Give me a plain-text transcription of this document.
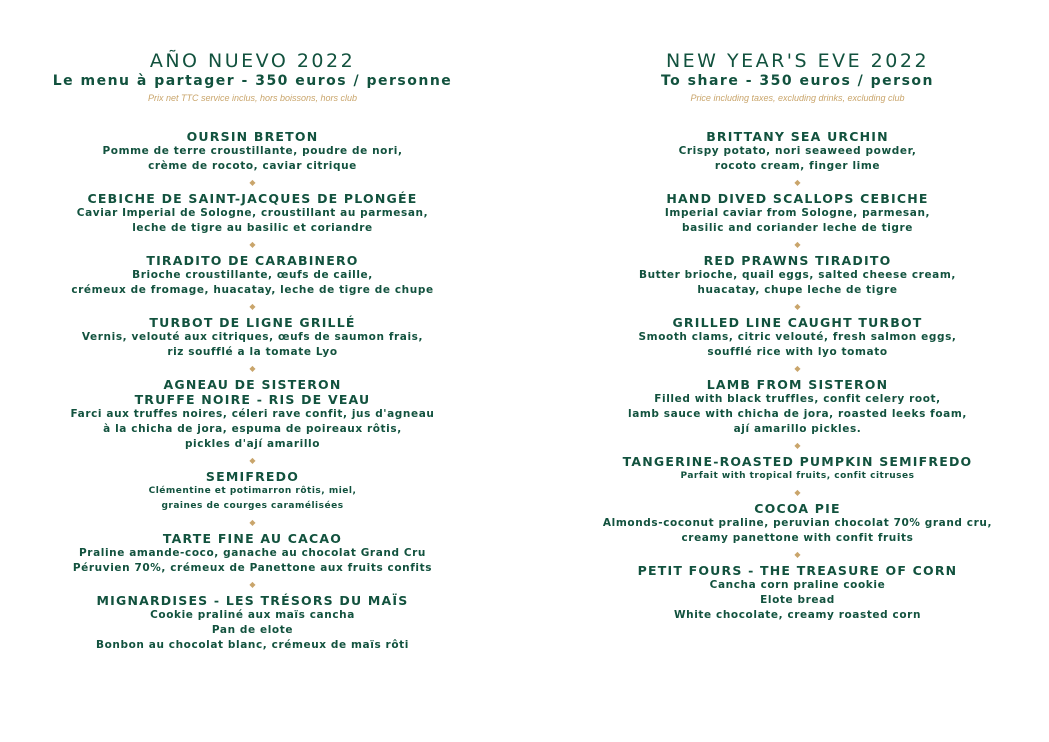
AÑO NUEVO 2022
Le menu à partager - 350 euros / personne
Prix net TTC service inclus, hors boissons, hors club
OURSIN BRETON
Pomme de terre croustillante, poudre de nori,
crème de rocoto, caviar citrique
◆
CEBICHE DE SAINT-JACQUES DE PLONGÉE
Caviar Imperial de Sologne, croustillant au parmesan,
leche de tigre au basilic et coriandre
◆
TIRADITO DE CARABINERO
Brioche croustillante, œufs de caille,
crémeux de fromage, huacatay, leche de tigre de chupe
◆
TURBOT DE LIGNE GRILLÉ
Vernis, velouté aux citriques, œufs de saumon frais,
riz soufflé a la tomate Lyo
◆
AGNEAU DE SISTERON
TRUFFE NOIRE - RIS DE VEAU
Farci aux truffes noires, céleri rave confit, jus d'agneau
à la chicha de jora, espuma de poireaux rôtis,
pickles d'ají amarillo
◆
SEMIFREDO
Clémentine et potimarron rôtis, miel,
graines de courges caramélisées
◆
TARTE FINE AU CACAO
Praline amande-coco, ganache au chocolat Grand Cru
Péruvien 70%, crémeux de Panettone aux fruits confits
◆
MIGNARDISES - LES TRÉSORS DU MAÏS
Cookie praliné aux maïs cancha
Pan de elote
Bonbon au chocolat blanc, crémeux de maïs rôti
NEW YEAR'S EVE 2022
To share - 350 euros / person
Price including taxes, excluding drinks, excluding club
BRITTANY SEA URCHIN
Crispy potato, nori seaweed powder,
rocoto cream, finger lime
◆
HAND DIVED SCALLOPS CEBICHE
Imperial caviar from Sologne, parmesan,
basilic and coriander leche de tigre
◆
RED PRAWNS TIRADITO
Butter brioche, quail eggs, salted cheese cream,
huacatay, chupe leche de tigre
◆
GRILLED LINE CAUGHT TURBOT
Smooth clams, citric velouté, fresh salmon eggs,
soufflé rice with lyo tomato
◆
LAMB FROM SISTERON
Filled with black truffles, confit celery root,
lamb sauce with chicha de jora, roasted leeks foam,
ají amarillo pickles.
◆
TANGERINE-ROASTED PUMPKIN SEMIFREDO
Parfait with tropical fruits, confit citruses
◆
COCOA PIE
Almonds-coconut praline, peruvian chocolat 70% grand cru,
creamy panettone with confit fruits
◆
PETIT FOURS - THE TREASURE OF CORN
Cancha corn praline cookie
Elote bread
White chocolate, creamy roasted corn
